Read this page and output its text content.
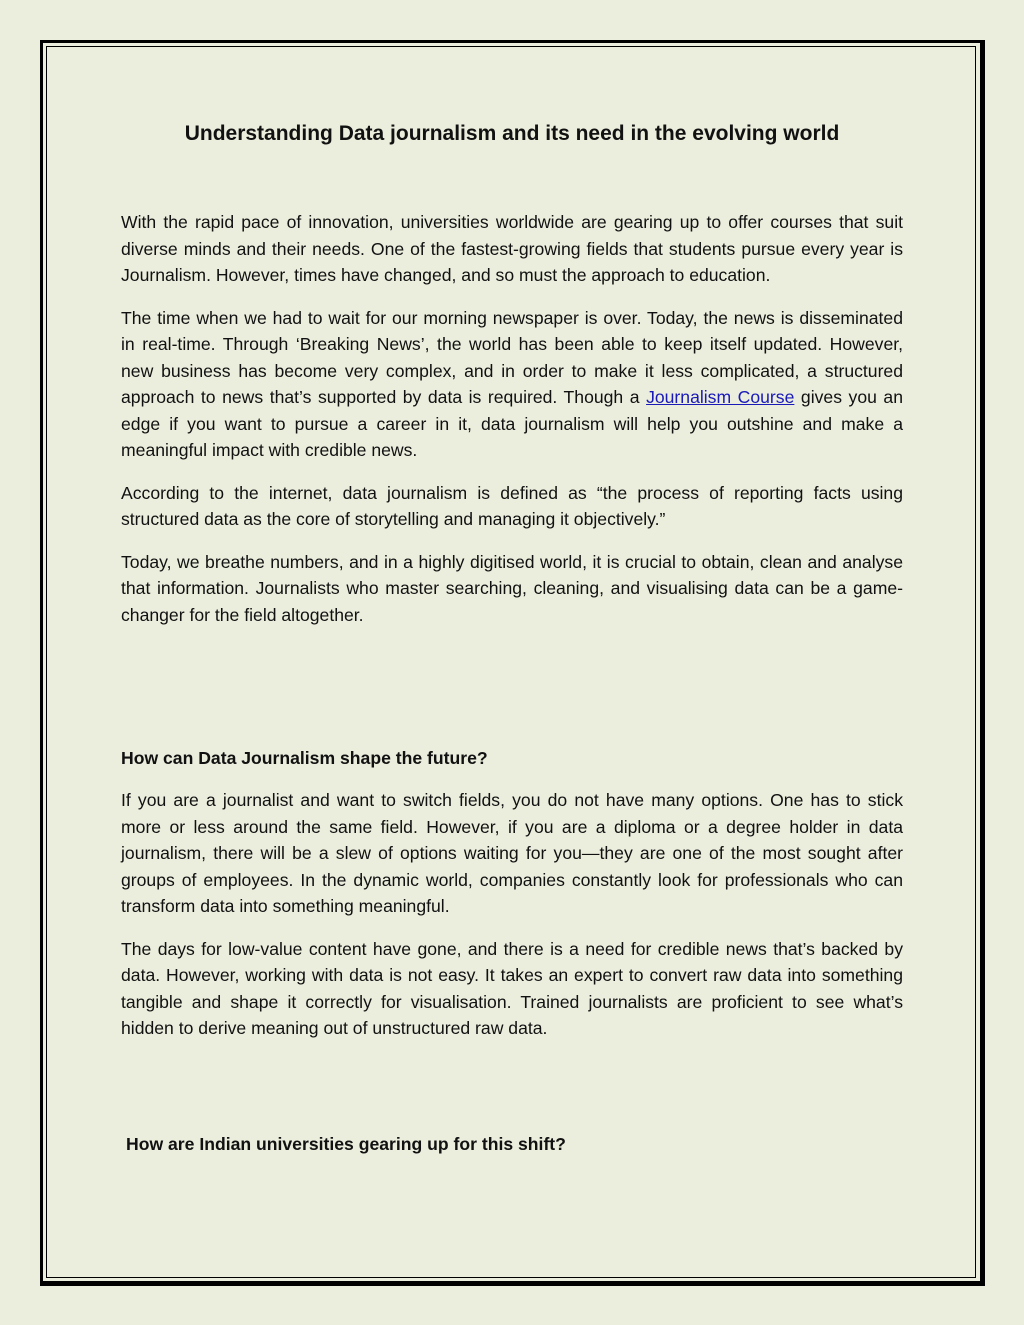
Understanding Data journalism and its need in the evolving world

With the rapid pace of innovation, universities worldwide are gearing up to offer courses that suit diverse minds and their needs. One of the fastest-growing fields that students pursue every year is Journalism. However, times have changed, and so must the approach to education.

The time when we had to wait for our morning newspaper is over. Today, the news is disseminated in real-time. Through ‘Breaking News’, the world has been able to keep itself updated. However, new business has become very complex, and in order to make it less complicated, a structured approach to news that’s supported by data is required. Though a Journalism Course gives you an edge if you want to pursue a career in it, data journalism will help you outshine and make a meaningful impact with credible news.

According to the internet, data journalism is defined as “the process of reporting facts using structured data as the core of storytelling and managing it objectively.”

Today, we breathe numbers, and in a highly digitised world, it is crucial to obtain, clean and analyse that information. Journalists who master searching, cleaning, and visualising data can be a game-changer for the field altogether.

How can Data Journalism shape the future?

If you are a journalist and want to switch fields, you do not have many options. One has to stick more or less around the same field. However, if you are a diploma or a degree holder in data journalism, there will be a slew of options waiting for you—they are one of the most sought after groups of employees. In the dynamic world, companies constantly look for professionals who can transform data into something meaningful.

The days for low-value content have gone, and there is a need for credible news that’s backed by data. However, working with data is not easy. It takes an expert to convert raw data into something tangible and shape it correctly for visualisation. Trained journalists are proficient to see what’s hidden to derive meaning out of unstructured raw data.

How are Indian universities gearing up for this shift?
